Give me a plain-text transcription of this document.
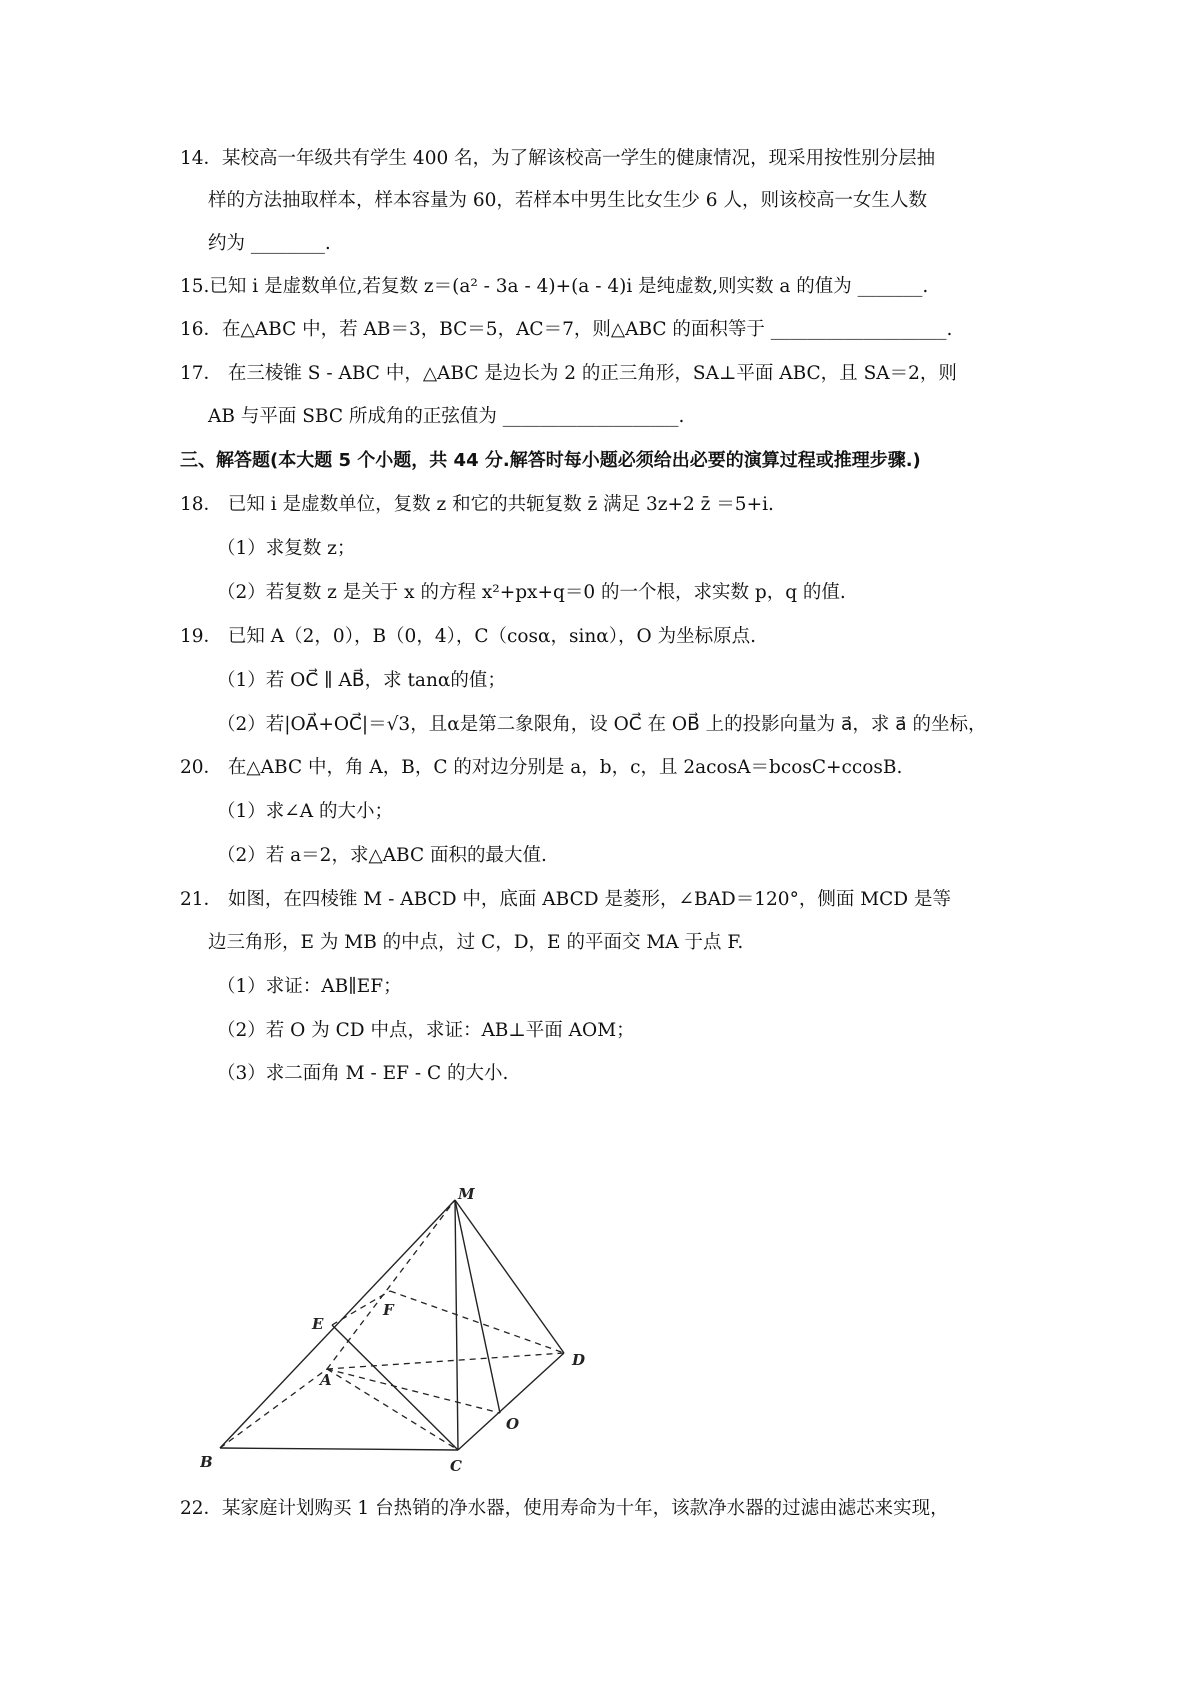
14．某校高一年级共有学生 400 名，为了解该校高一学生的健康情况，现采用按性别分层抽
样的方法抽取样本，样本容量为 60，若样本中男生比女生少 6 人，则该校高一女生人数
约为 ________.
15.已知 i 是虚数单位,若复数 z＝(a² - 3a - 4)+(a - 4)i 是纯虚数,则实数 a 的值为 _______.
16．在△ABC 中，若 AB＝3，BC＝5，AC＝7，则△ABC 的面积等于 ___________________.
17． 在三棱锥 S - ABC 中，△ABC 是边长为 2 的正三角形，SA⊥平面 ABC，且 SA＝2，则
AB 与平面 SBC 所成角的正弦值为 ___________________.
三、解答题(本大题 5 个小题，共 44 分.解答时每小题必须给出必要的演算过程或推理步骤.)
18． 已知 i 是虚数单位，复数 z 和它的共轭复数 z̄ 满足 3z+2 z̄ ＝5+i.
（1）求复数 z；
（2）若复数 z 是关于 x 的方程 x²+px+q＝0 的一个根，求实数 p，q 的值.
19． 已知 A（2，0），B（0，4），C（cosα，sinα），O 为坐标原点.
（1）若 OC⃗ ∥ AB⃗，求 tanα的值；
（2）若|OA⃗+OC⃗|＝√3，且α是第二象限角，设 OC⃗ 在 OB⃗ 上的投影向量为 a⃗，求 a⃗ 的坐标，
20． 在△ABC 中，角 A，B，C 的对边分别是 a，b，c，且 2acosA＝bcosC+ccosB.
（1）求∠A 的大小；
（2）若 a＝2，求△ABC 面积的最大值.
21． 如图，在四棱锥 M - ABCD 中，底面 ABCD 是菱形，∠BAD＝120°，侧面 MCD 是等
边三角形，E 为 MB 的中点，过 C，D，E 的平面交 MA 于点 F.
（1）求证：AB∥EF；
（2）若 O 为 CD 中点，求证：AB⊥平面 AOM；
（3）求二面角 M - EF - C 的大小.
M
E
F
D
A
O
B	C
22．某家庭计划购买 1 台热销的净水器，使用寿命为十年，该款净水器的过滤由滤芯来实现，
